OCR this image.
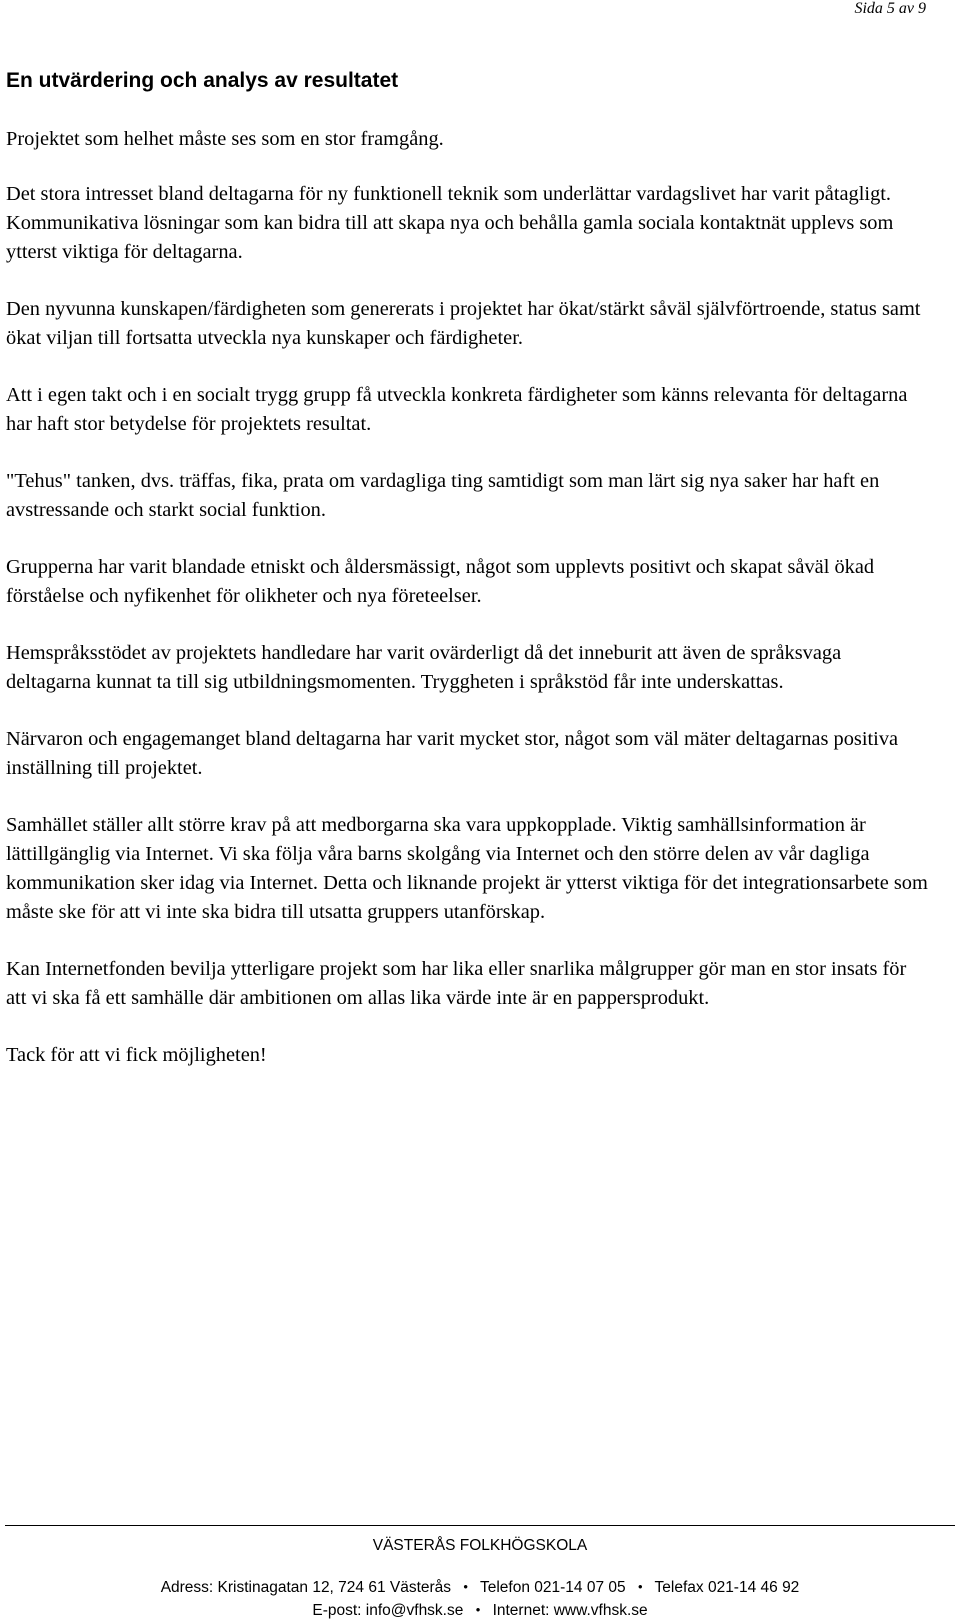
Sida 5 av 9
En utvärdering och analys av resultatet

Projektet som helhet måste ses som en stor framgång.

Det stora intresset bland deltagarna för ny funktionell teknik som underlättar vardagslivet har varit påtagligt. Kommunikativa lösningar som kan bidra till att skapa nya och behålla gamla sociala kontaktnät upplevs som ytterst viktiga för deltagarna.

Den nyvunna kunskapen/färdigheten som genererats i projektet har ökat/stärkt såväl självförtroende, status samt ökat viljan till fortsatta utveckla nya kunskaper och färdigheter.

Att i egen takt och i en socialt trygg grupp få utveckla konkreta färdigheter som känns relevanta för deltagarna har haft stor betydelse för projektets resultat.

"Tehus" tanken, dvs. träffas, fika, prata om vardagliga ting samtidigt som man lärt sig nya saker har haft en avstressande och starkt social funktion.

Grupperna har varit blandade etniskt och åldersmässigt, något som upplevts positivt och skapat såväl ökad förståelse och nyfikenhet för olikheter och nya företeelser.

Hemspråksstödet av projektets handledare har varit ovärderligt då det inneburit att även de språksvaga deltagarna kunnat ta till sig utbildningsmomenten. Tryggheten i språkstöd får inte underskattas.

Närvaron och engagemanget bland deltagarna har varit mycket stor, något som väl mäter deltagarnas positiva inställning till projektet.

Samhället ställer allt större krav på att medborgarna ska vara uppkopplade. Viktig samhällsinformation är lättillgänglig via Internet. Vi ska följa våra barns skolgång via Internet och den större delen av vår dagliga kommunikation sker idag via Internet. Detta och liknande projekt är ytterst viktiga för det integrationsarbete som måste ske för att vi inte ska bidra till utsatta gruppers utanförskap.

Kan Internetfonden bevilja ytterligare projekt som har lika eller snarlika målgrupper gör man en stor insats för att vi ska få ett samhälle där ambitionen om allas lika värde inte är en pappersprodukt.

Tack för att vi fick möjligheten!

VÄSTERÅS FOLKHÖGSKOLA
Adress: Kristinagatan 12, 724 61 Västerås • Telefon 021-14 07 05 • Telefax 021-14 46 92
E-post: info@vfhsk.se • Internet: www.vfhsk.se
